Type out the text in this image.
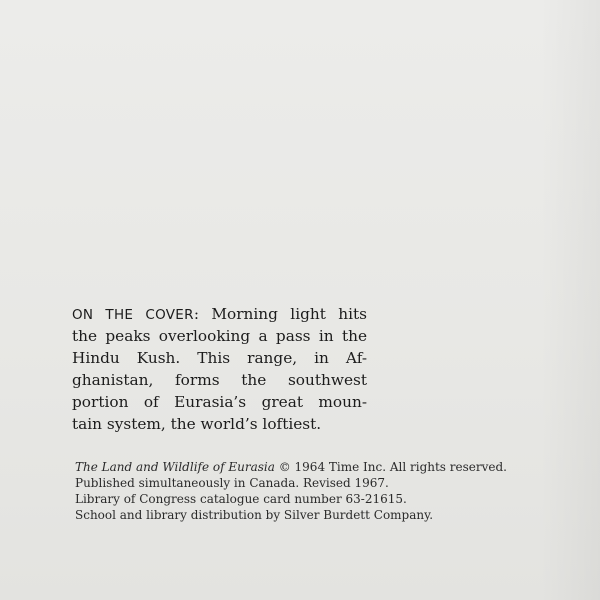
ON THE COVER: Morning light hits
the peaks overlooking a pass in the
Hindu Kush. This range, in Af-
ghanistan, forms the southwest
portion of Eurasia’s great moun-
tain system, the world’s loftiest.
The Land and Wildlife of Eurasia © 1964 Time Inc. All rights reserved.
Published simultaneously in Canada. Revised 1967.
Library of Congress catalogue card number 63-21615.
School and library distribution by Silver Burdett Company.
